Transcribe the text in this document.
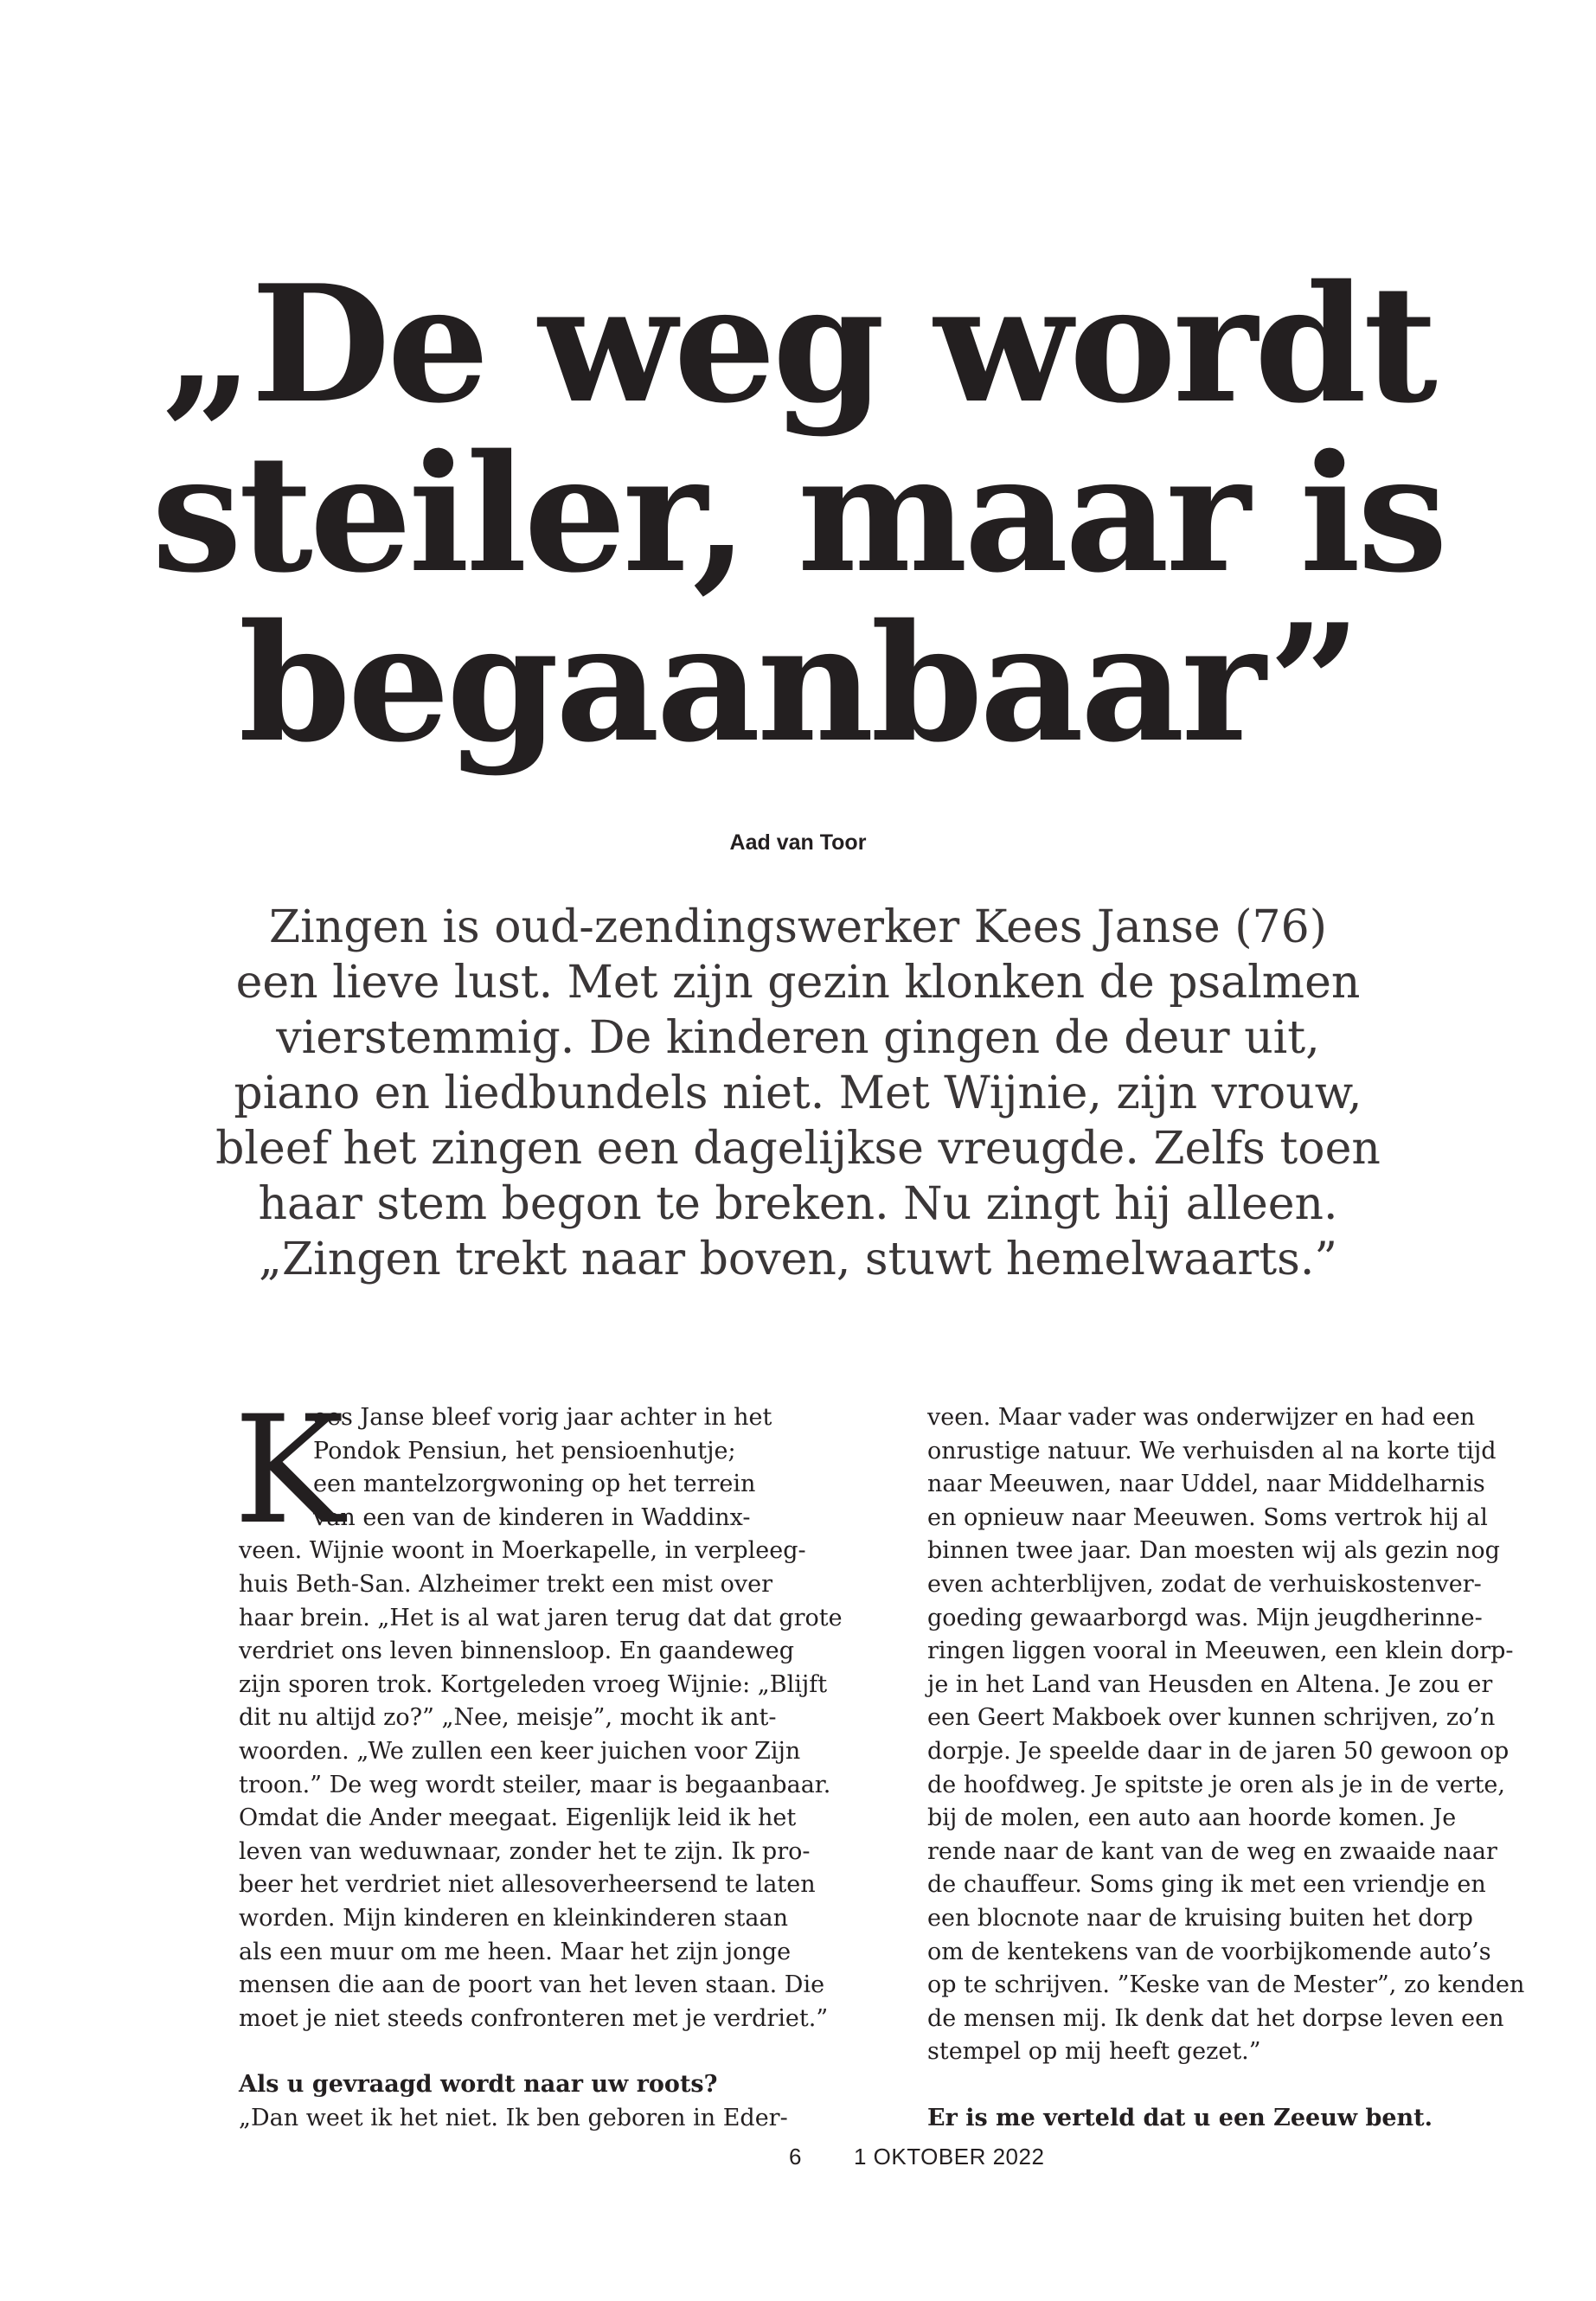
„De weg wordt
steiler, maar is
begaanbaar”
Aad van Toor
Zingen is oud-zendingswerker Kees Janse (76)
een lieve lust. Met zijn gezin klonken de psalmen
vierstemmig. De kinderen gingen de deur uit,
piano en liedbundels niet. Met Wijnie, zijn vrouw,
bleef het zingen een dagelijkse vreugde. Zelfs toen
haar stem begon te breken. Nu zingt hij alleen.
„Zingen trekt naar boven, stuwt hemelwaarts.”
K
ees Janse bleef vorig jaar achter in het
Pondok Pensiun, het pensioenhutje;
een mantelzorgwoning op het terrein
van een van de kinderen in Waddinx-
veen. Wijnie woont in Moerkapelle, in verpleeg-
huis Beth-San. Alzheimer trekt een mist over
haar brein. „Het is al wat jaren terug dat dat grote
verdriet ons leven binnensloop. En gaandeweg
zijn sporen trok. Kortgeleden vroeg Wijnie: „Blijft
dit nu altijd zo?” „Nee, meisje”, mocht ik ant-
woorden. „We zullen een keer juichen voor Zijn
troon.” De weg wordt steiler, maar is begaanbaar.
Omdat die Ander meegaat. Eigenlijk leid ik het
leven van weduwnaar, zonder het te zijn. Ik pro-
beer het verdriet niet allesoverheersend te laten
worden. Mijn kinderen en kleinkinderen staan
als een muur om me heen. Maar het zijn jonge
mensen die aan de poort van het leven staan. Die
moet je niet steeds confronteren met je verdriet.”
Als u gevraagd wordt naar uw roots?
„Dan weet ik het niet. Ik ben geboren in Eder-
veen. Maar vader was onderwijzer en had een
onrustige natuur. We verhuisden al na korte tijd
naar Meeuwen, naar Uddel, naar Middelharnis
en opnieuw naar Meeuwen. Soms vertrok hij al
binnen twee jaar. Dan moesten wij als gezin nog
even achterblijven, zodat de verhuiskostenver-
goeding gewaarborgd was. Mijn jeugdherinne-
ringen liggen vooral in Meeuwen, een klein dorp-
je in het Land van Heusden en Altena. Je zou er
een Geert Makboek over kunnen schrijven, zo’n
dorpje. Je speelde daar in de jaren 50 gewoon op
de hoofdweg. Je spitste je oren als je in de verte,
bij de molen, een auto aan hoorde komen. Je
rende naar de kant van de weg en zwaaide naar
de chauffeur. Soms ging ik met een vriendje en
een blocnote naar de kruising buiten het dorp
om de kentekens van de voorbijkomende auto’s
op te schrijven. ”Keske van de Mester”, zo kenden
de mensen mij. Ik denk dat het dorpse leven een
stempel op mij heeft gezet.”
Er is me verteld dat u een Zeeuw bent.
6 1 OKTOBER 2022
